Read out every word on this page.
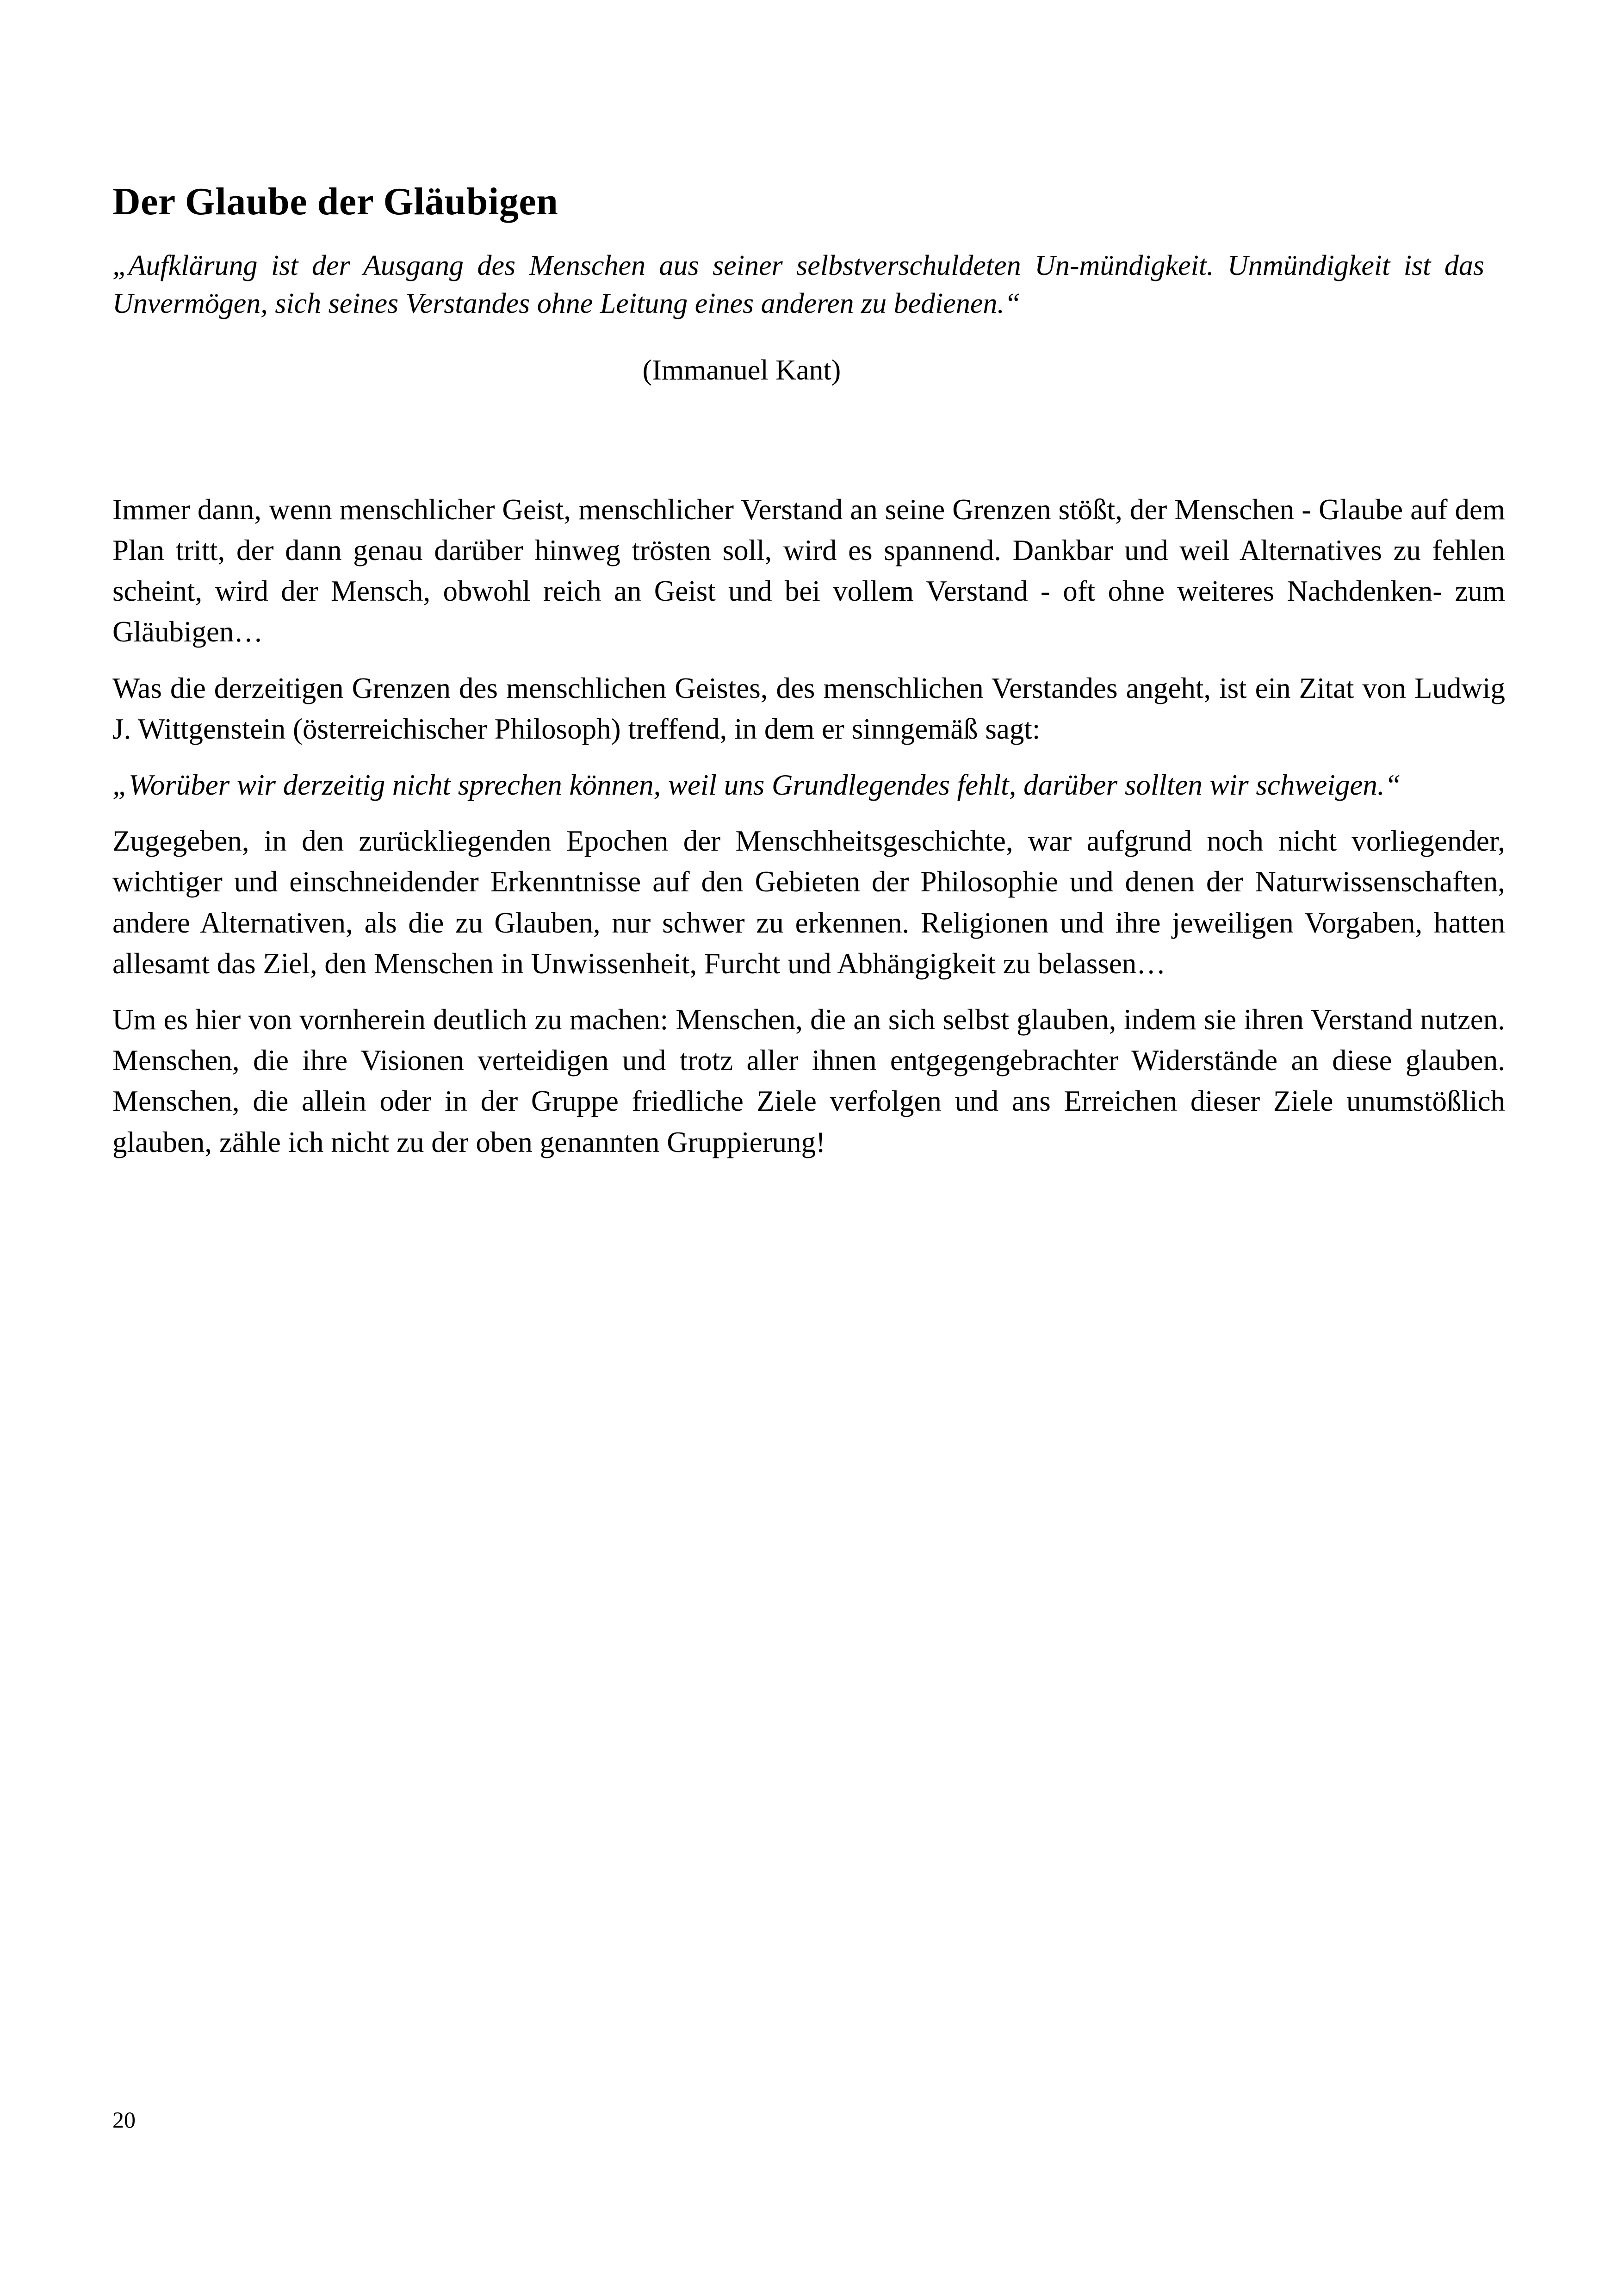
Der Glaube der Gläubigen

„Aufklärung ist der Ausgang des Menschen aus seiner selbstverschuldeten Un-mündigkeit. Unmündigkeit ist das Unvermögen, sich seines Verstandes ohne Leitung eines anderen zu bedienen.“

(Immanuel Kant)

Immer dann, wenn menschlicher Geist, menschlicher Verstand an seine Grenzen stößt, der Menschen - Glaube auf dem Plan tritt, der dann genau darüber hinweg trösten soll, wird es spannend. Dankbar und weil Alternatives zu fehlen scheint, wird der Mensch, obwohl reich an Geist und bei vollem Verstand - oft ohne weiteres Nachdenken- zum Gläubigen…

Was die derzeitigen Grenzen des menschlichen Geistes, des menschlichen Verstandes angeht, ist ein Zitat von Ludwig J. Wittgenstein (österreichischer Philosoph) treffend, in dem er sinngemäß sagt:

„Worüber wir derzeitig nicht sprechen können, weil uns Grundlegendes fehlt, darüber sollten wir schweigen.“

Zugegeben, in den zurückliegenden Epochen der Menschheitsgeschichte, war aufgrund noch nicht vorliegender, wichtiger und einschneidender Erkenntnisse auf den Gebieten der Philosophie und denen der Naturwissenschaften, andere Alternativen, als die zu Glauben, nur schwer zu erkennen. Religionen und ihre jeweiligen Vorgaben, hatten allesamt das Ziel, den Menschen in Unwissenheit, Furcht und Abhängigkeit zu belassen…

Um es hier von vornherein deutlich zu machen: Menschen, die an sich selbst glauben, indem sie ihren Verstand nutzen. Menschen, die ihre Visionen verteidigen und trotz aller ihnen entgegengebrachter Widerstände an diese glauben. Menschen, die allein oder in der Gruppe friedliche Ziele verfolgen und ans Erreichen dieser Ziele unumstößlich glauben, zähle ich nicht zu der oben genannten Gruppierung!

20
